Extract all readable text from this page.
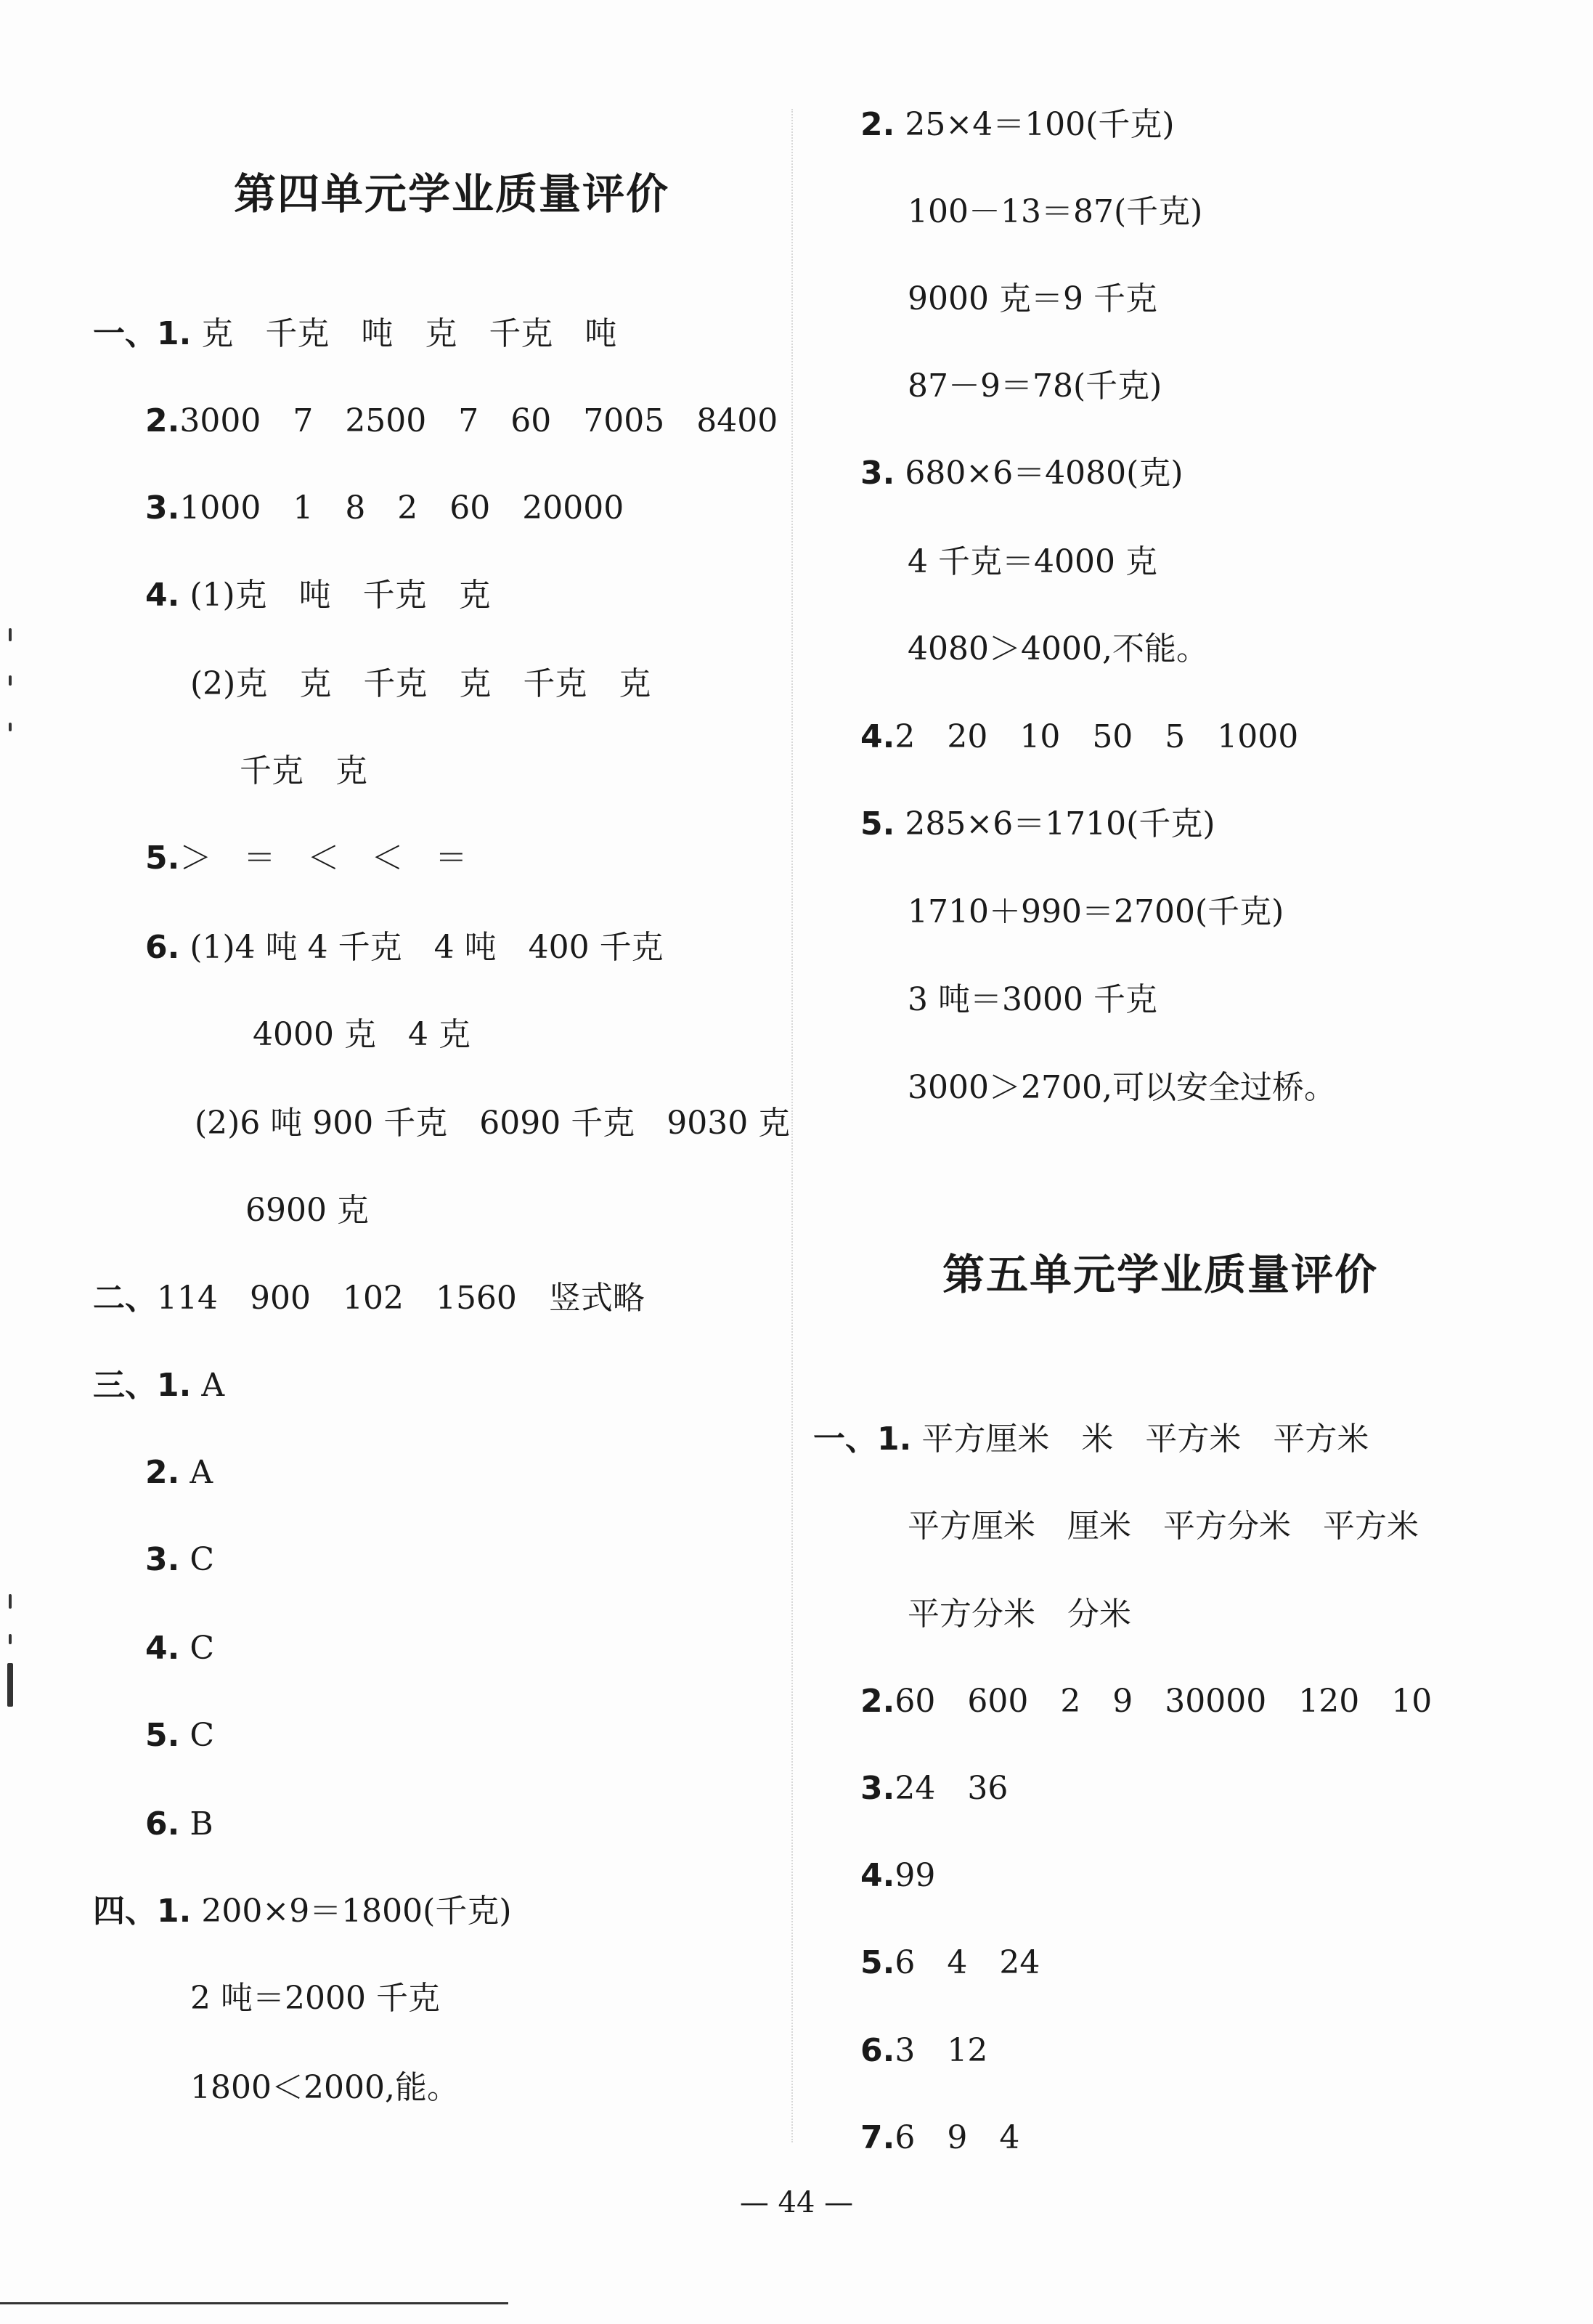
第四单元学业质量评价
一、1. 克　千克　吨　克　千克　吨
2.3000　7　2500　7　60　7005　8400
3.1000　1　8　2　60　20000
4. (1)克　吨　千克　克
(2)克　克　千克　克　千克　克
千克　克
5.＞　＝　＜　＜　＝
6. (1)4 吨 4 千克　4 吨　400 千克
4000 克　4 克
(2)6 吨 900 千克　6090 千克　9030 克
6900 克
二、114　900　102　1560　竖式略
三、1. A
2. A
3. C
4. C
5. C
6. B
四、1. 200×9＝1800(千克)
2 吨＝2000 千克
1800＜2000,能。
2. 25×4＝100(千克)
100－13＝87(千克)
9000 克＝9 千克
87－9＝78(千克)
3. 680×6＝4080(克)
4 千克＝4000 克
4080＞4000,不能。
4.2　20　10　50　5　1000
5. 285×6＝1710(千克)
1710＋990＝2700(千克)
3 吨＝3000 千克
3000＞2700,可以安全过桥。
第五单元学业质量评价
一、1. 平方厘米　米　平方米　平方米
平方厘米　厘米　平方分米　平方米
平方分米　分米
2.60　600　2　9　30000　120　10
3.24　36
4.99
5.6　4　24
6.3　12
7.6　9　4
— 44 —
